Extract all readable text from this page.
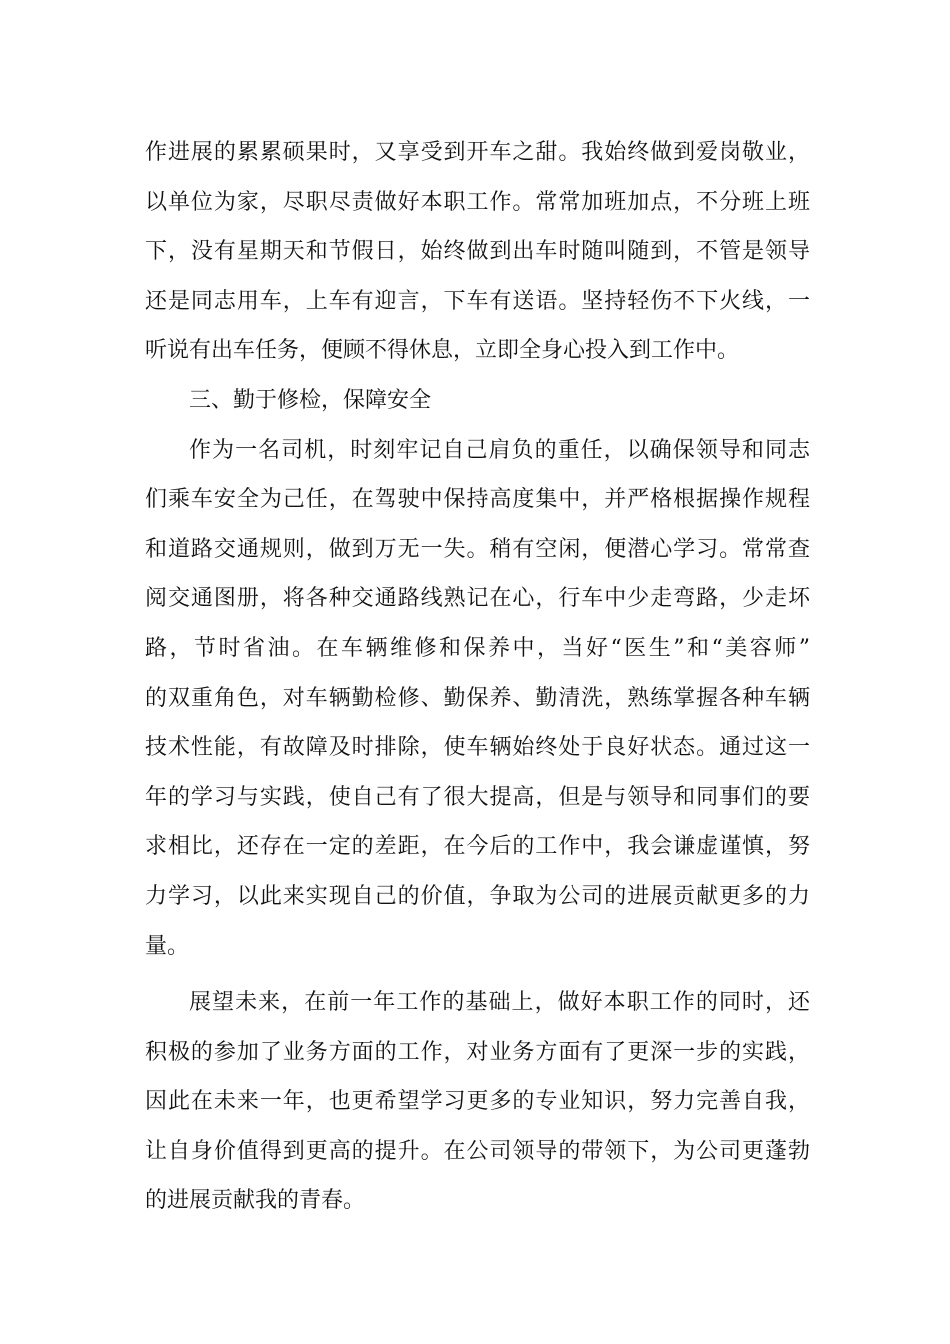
作进展的累累硕果时，又享受到开车之甜。我始终做到爱岗敬业，
以单位为家，尽职尽责做好本职工作。常常加班加点，不分班上班
下，没有星期天和节假日，始终做到出车时随叫随到，不管是领导
还是同志用车，上车有迎言，下车有送语。坚持轻伤不下火线，一
听说有出车任务，便顾不得休息，立即全身心投入到工作中。
三、勤于修检，保障安全
作为一名司机，时刻牢记自己肩负的重任，以确保领导和同志
们乘车安全为己任，在驾驶中保持高度集中，并严格根据操作规程
和道路交通规则，做到万无一失。稍有空闲，便潜心学习。常常查
阅交通图册，将各种交通路线熟记在心，行车中少走弯路，少走坏
路，节时省油。在车辆维修和保养中，当好“医生”和“美容师”
的双重角色，对车辆勤检修、勤保养、勤清洗，熟练掌握各种车辆
技术性能，有故障及时排除，使车辆始终处于良好状态。通过这一
年的学习与实践，使自己有了很大提高，但是与领导和同事们的要
求相比，还存在一定的差距，在今后的工作中，我会谦虚谨慎，努
力学习，以此来实现自己的价值，争取为公司的进展贡献更多的力
量。
展望未来，在前一年工作的基础上，做好本职工作的同时，还
积极的参加了业务方面的工作，对业务方面有了更深一步的实践，
因此在未来一年，也更希望学习更多的专业知识，努力完善自我，
让自身价值得到更高的提升。在公司领导的带领下，为公司更蓬勃
的进展贡献我的青春。
